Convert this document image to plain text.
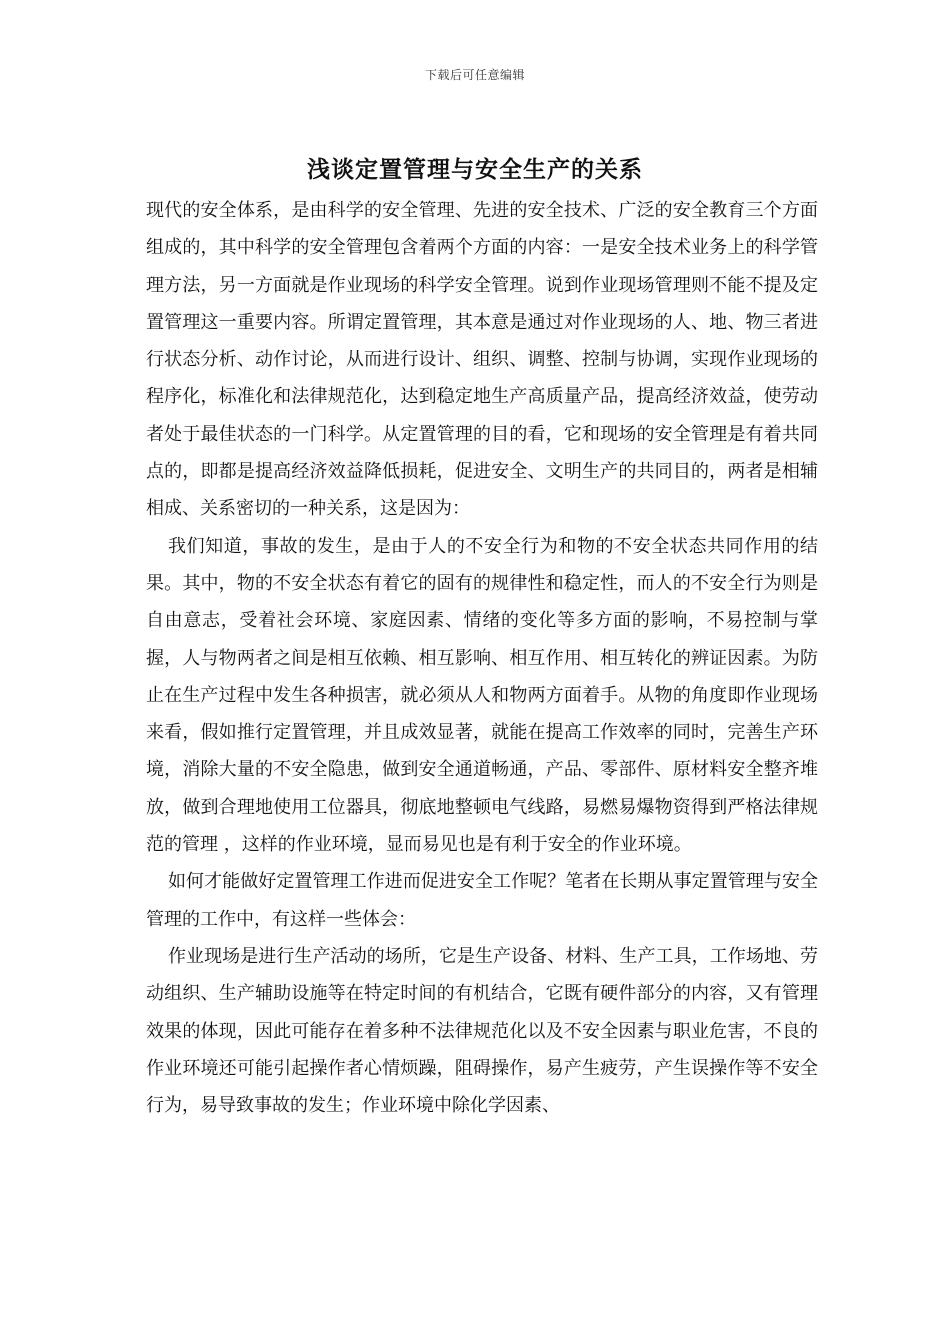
下载后可任意编辑
浅谈定置管理与安全生产的关系

现代的安全体系，是由科学的安全管理、先进的安全技术、广泛的安全教育三个方面组成的，其中科学的安全管理包含着两个方面的内容：一是安全技术业务上的科学管理方法，另一方面就是作业现场的科学安全管理。说到作业现场管理则不能不提及定置管理这一重要内容。所谓定置管理，其本意是通过对作业现场的人、地、物三者进行状态分析、动作讨论，从而进行设计、组织、调整、控制与协调，实现作业现场的程序化，标准化和法律规范化，达到稳定地生产高质量产品，提高经济效益，使劳动者处于最佳状态的一门科学。从定置管理的目的看，它和现场的安全管理是有着共同点的，即都是提高经济效益降低损耗，促进安全、文明生产的共同目的，两者是相辅相成、关系密切的一种关系，这是因为：

我们知道，事故的发生，是由于人的不安全行为和物的不安全状态共同作用的结果。其中，物的不安全状态有着它的固有的规律性和稳定性，而人的不安全行为则是自由意志，受着社会环境、家庭因素、情绪的变化等多方面的影响，不易控制与掌握，人与物两者之间是相互依赖、相互影响、相互作用、相互转化的辨证因素。为防止在生产过程中发生各种损害，就必须从人和物两方面着手。从物的角度即作业现场来看，假如推行定置管理，并且成效显著，就能在提高工作效率的同时，完善生产环境，消除大量的不安全隐患，做到安全通道畅通，产品、零部件、原材料安全整齐堆放，做到合理地使用工位器具，彻底地整顿电气线路，易燃易爆物资得到严格法律规范的管理 ，这样的作业环境，显而易见也是有利于安全的作业环境。

如何才能做好定置管理工作进而促进安全工作呢？笔者在长期从事定置管理与安全管理的工作中，有这样一些体会：

作业现场是进行生产活动的场所，它是生产设备、材料、生产工具，工作场地、劳动组织、生产辅助设施等在特定时间的有机结合，它既有硬件部分的内容，又有管理效果的体现，因此可能存在着多种不法律规范化以及不安全因素与职业危害，不良的作业环境还可能引起操作者心情烦躁，阻碍操作，易产生疲劳，产生误操作等不安全行为，易导致事故的发生；作业环境中除化学因素、
